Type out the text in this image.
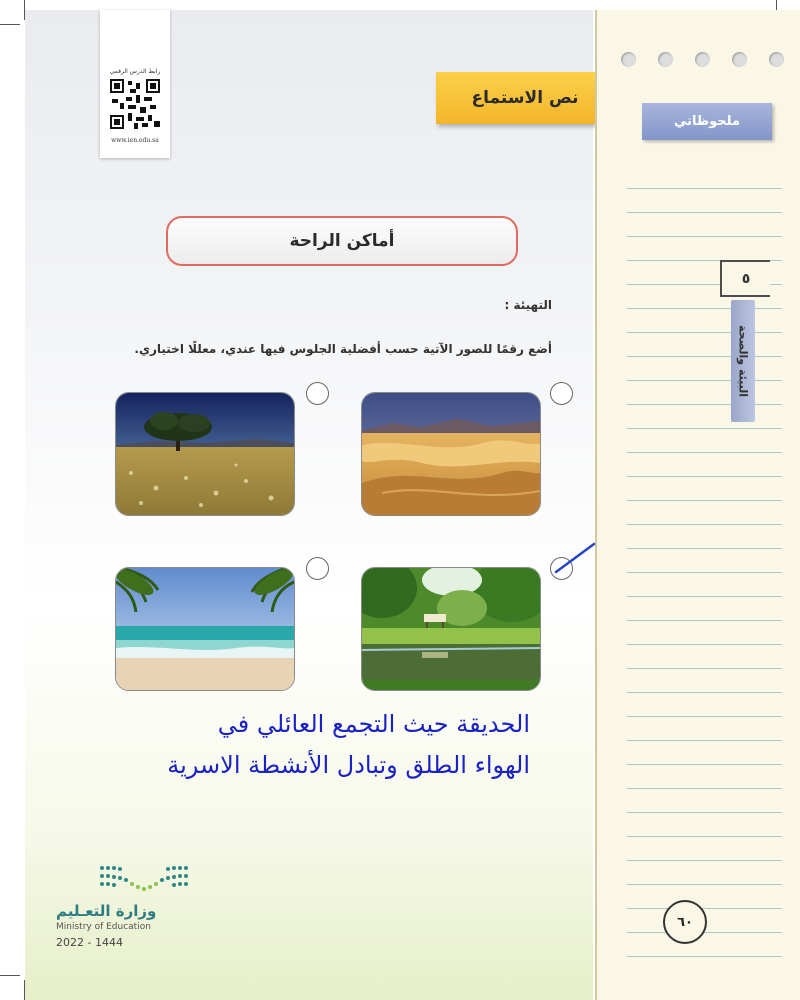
رابط الدرس الرقمي
www.ien.edu.sa
نص الاستماع
أماكن الراحة
التهيئة :
أضع رقمًا للصور الآتية حسب أفضلية الجلوس فيها عندي، معللًا اختياري.
الحديقة حيث التجمع العائلي في
الهواء الطلق وتبادل الأنشطة الاسرية
وزارة التعـليم
Ministry of Education
2022 - 1444
ملحوظاتي
٥
البيئة والصحة
٦٠
